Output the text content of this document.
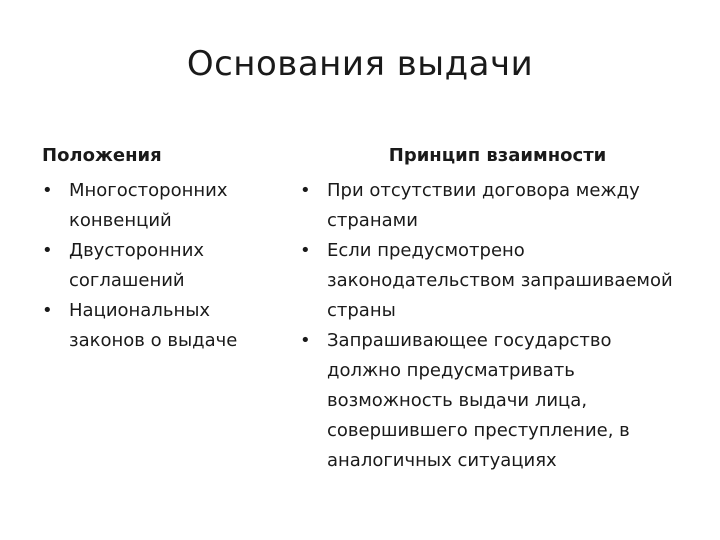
Основания выдачи
Положения	Принцип взаимности
• Многосторонних конвенций
• Двусторонних соглашений
• Национальных законов о выдаче
• При отсутствии договора между странами
• Если предусмотрено законодательством запрашиваемой страны
• Запрашивающее государство должно предусматривать возможность выдачи лица, совершившего преступление, в аналогичных ситуациях
